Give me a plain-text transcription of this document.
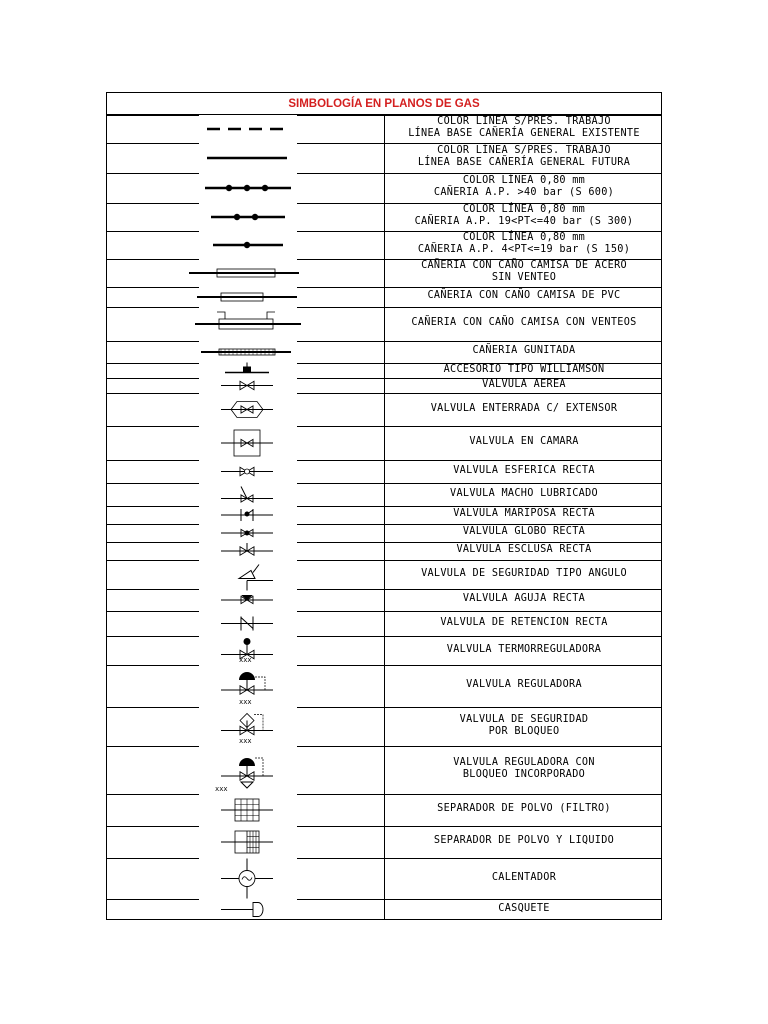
SIMBOLOGÍA EN PLANOS DE GAS
COLOR LÍNEA S/PRES. TRABAJO
LÍNEA BASE CAÑERÍA GENERAL EXISTENTE
COLOR LÍNEA S/PRES. TRABAJO
LÍNEA BASE CAÑERÍA GENERAL FUTURA
COLOR LÍNEA 0,80 mm
CAÑERIA A.P. >40 bar (S 600)
COLOR LÍNEA 0,80 mm
CAÑERIA A.P. 19<PT<=40 bar (S 300)
COLOR LÍNEA 0,80 mm
CAÑERIA A.P. 4<PT<=19 bar (S 150)
CAÑERIA CON CAÑO CAMISA DE ACERO
SIN VENTEO
CAÑERIA CON CAÑO CAMISA DE PVC
CAÑERIA CON CAÑO CAMISA CON VENTEOS
CAÑERIA GUNITADA
ACCESORIO TIPO WILLIAMSON
VALVULA AEREA
VALVULA ENTERRADA C/ EXTENSOR
VALVULA EN CAMARA
VALVULA ESFERICA RECTA
VALVULA MACHO LUBRICADO
VALVULA MARIPOSA RECTA
VALVULA GLOBO RECTA
VALVULA ESCLUSA RECTA
VALVULA DE SEGURIDAD TIPO ANGULO
VALVULA AGUJA RECTA
VALVULA DE RETENCION RECTA
xxx
VALVULA TERMORREGULADORA
xxx
VALVULA REGULADORA
xxx
VALVULA DE SEGURIDAD
POR BLOQUEO
xxx
VALVULA REGULADORA CON
BLOQUEO INCORPORADO
SEPARADOR DE POLVO (FILTRO)
SEPARADOR DE POLVO Y LIQUIDO
CALENTADOR
CASQUETE
